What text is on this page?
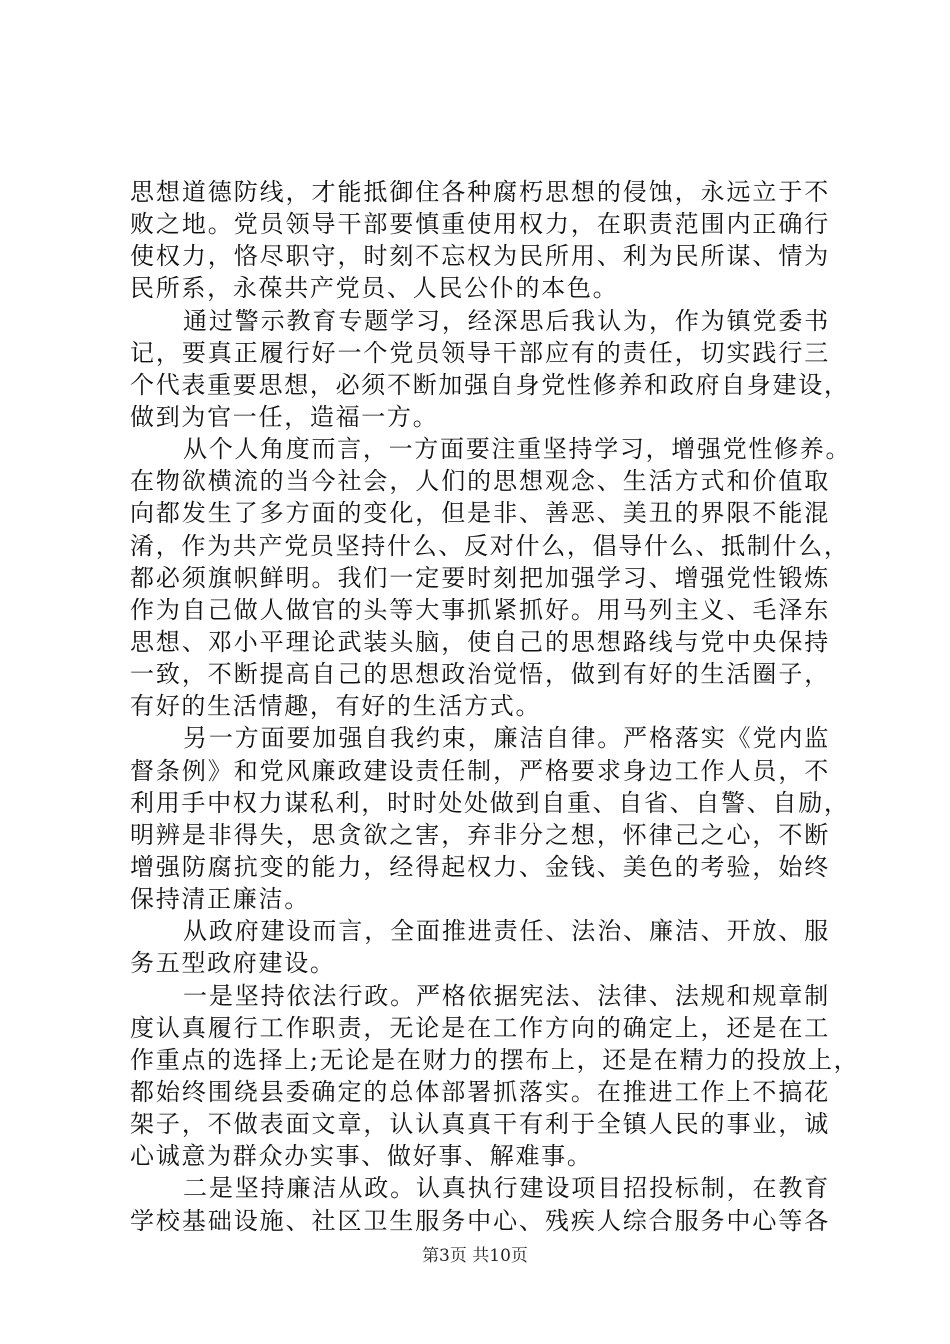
思想道德防线，才能抵御住各种腐朽思想的侵蚀，永远立于不
败之地。党员领导干部要慎重使用权力，在职责范围内正确行
使权力，恪尽职守，时刻不忘权为民所用、利为民所谋、情为
民所系，永葆共产党员、人民公仆的本色。
通过警示教育专题学习，经深思后我认为，作为镇党委书
记，要真正履行好一个党员领导干部应有的责任，切实践行三
个代表重要思想，必须不断加强自身党性修养和政府自身建设，
做到为官一任，造福一方。
从个人角度而言，一方面要注重坚持学习，增强党性修养。
在物欲横流的当今社会，人们的思想观念、生活方式和价值取
向都发生了多方面的变化，但是非、善恶、美丑的界限不能混
淆，作为共产党员坚持什么、反对什么，倡导什么、抵制什么，
都必须旗帜鲜明。我们一定要时刻把加强学习、增强党性锻炼
作为自己做人做官的头等大事抓紧抓好。用马列主义、毛泽东
思想、邓小平理论武装头脑，使自己的思想路线与党中央保持
一致，不断提高自己的思想政治觉悟，做到有好的生活圈子，
有好的生活情趣，有好的生活方式。
另一方面要加强自我约束，廉洁自律。严格落实《党内监
督条例》和党风廉政建设责任制，严格要求身边工作人员，不
利用手中权力谋私利，时时处处做到自重、自省、自警、自励，
明辨是非得失，思贪欲之害，弃非分之想，怀律己之心，不断
增强防腐抗变的能力，经得起权力、金钱、美色的考验，始终
保持清正廉洁。
从政府建设而言，全面推进责任、法治、廉洁、开放、服
务五型政府建设。
一是坚持依法行政。严格依据宪法、法律、法规和规章制
度认真履行工作职责，无论是在工作方向的确定上，还是在工
作重点的选择上;无论是在财力的摆布上，还是在精力的投放上，
都始终围绕县委确定的总体部署抓落实。在推进工作上不搞花
架子，不做表面文章，认认真真干有利于全镇人民的事业，诚
心诚意为群众办实事、做好事、解难事。
二是坚持廉洁从政。认真执行建设项目招投标制，在教育
学校基础设施、社区卫生服务中心、残疾人综合服务中心等各
第3页 共10页
